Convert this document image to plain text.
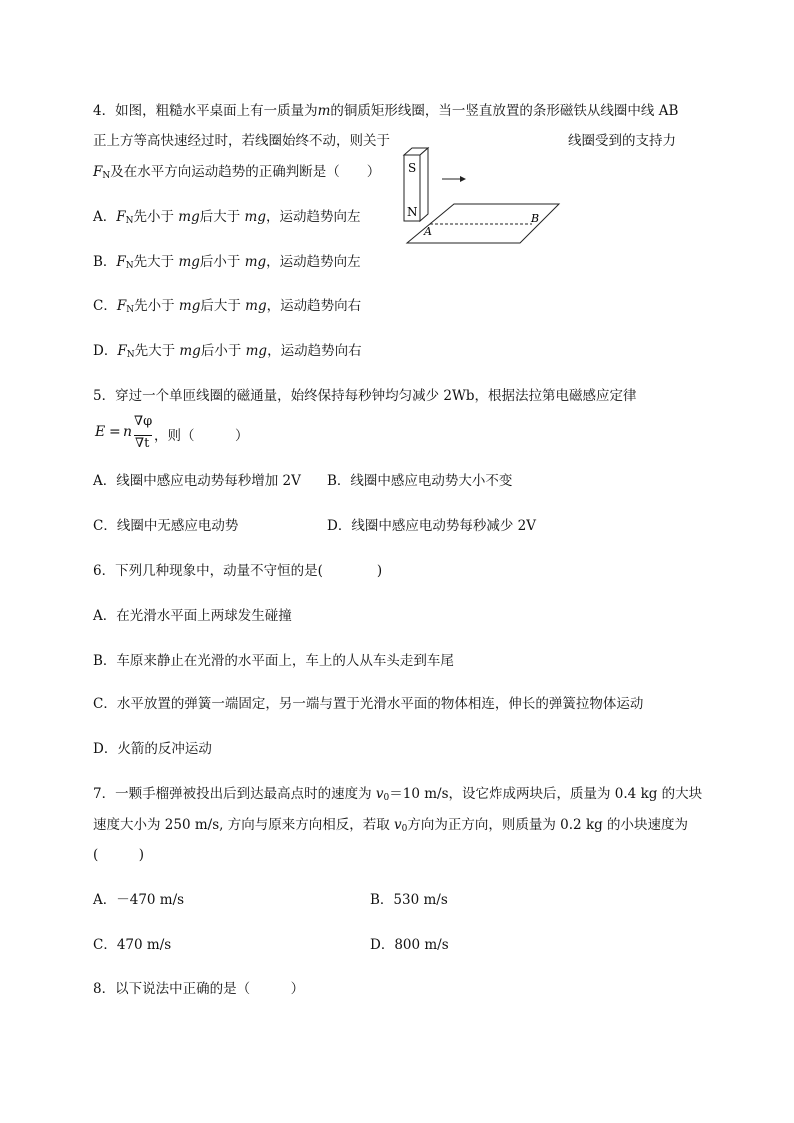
4．如图，粗糙水平桌面上有一质量为m的铜质矩形线圈，当一竖直放置的条形磁铁从线圈中线 AB
正上方等高快速经过时，若线圈始终不动，则关于	线圈受到的支持力
$F_N$及在水平方向运动趋势的正确判断是（　　）
A．$F_N$先小于 mg后大于 mg，运动趋势向左
B．$F_N$先大于 mg后小于 mg，运动趋势向左
C．$F_N$先小于 mg后大于 mg，运动趋势向右
D．$F_N$先大于 mg后小于 mg，运动趋势向右
S
N
A
B
5．穿过一个单匝线圈的磁通量，始终保持每秒钟均匀减少 2Wb，根据法拉第电磁感应定律
E = n
∇φ
∇t ，则（　　　）
A．线圈中感应电动势每秒增加 2V B．线圈中感应电动势大小不变
C．线圈中无感应电动势	D．线圈中感应电动势每秒减少 2V
6．下列几种现象中，动量不守恒的是(　　　　)
A．在光滑水平面上两球发生碰撞
B．车原来静止在光滑的水平面上，车上的人从车头走到车尾
C．水平放置的弹簧一端固定，另一端与置于光滑水平面的物体相连，伸长的弹簧拉物体运动
D．火箭的反冲运动
7．一颗手榴弹被投出后到达最高点时的速度为 $v_0=10$ m/s，设它炸成两块后，质量为 0.4 kg 的大块
速度大小为 250 m/s, 方向与原来方向相反，若取 $v_0$方向为正方向，则质量为 0.2 kg 的小块速度为
(　　　)
A．－470 m/s	B．530 m/s
C．470 m/s	D．800 m/s
8．以下说法中正确的是（　　　）
